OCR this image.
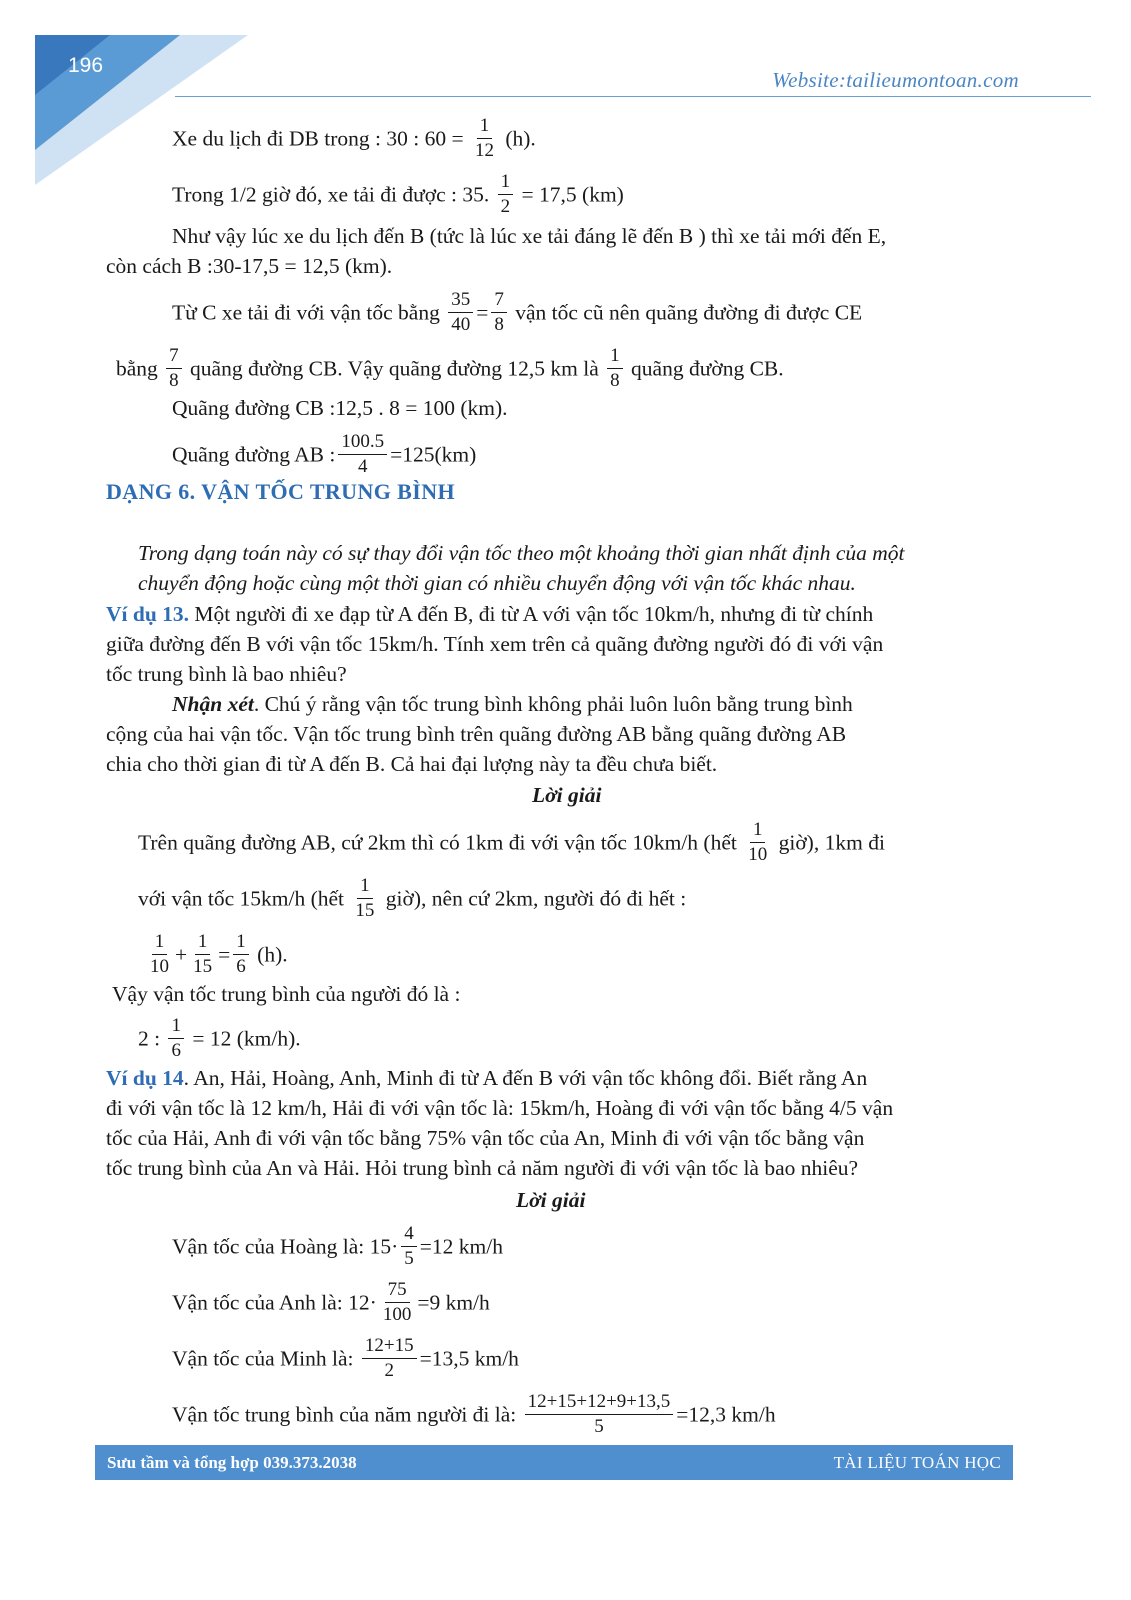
196
Website:tailieumontoan.com
Xe du lịch đi DB trong : 30 : $60 = \frac{1}{12} (h)$.
Trong 1/2 giờ đó, xe tải đi được : 35. $\frac{1}{2} = 17,5$ (km)
Như vậy lúc xe du lịch đến B (tức là lúc xe tải đáng lẽ đến B ) thì xe tải mới đến E,
còn cách B :30-17,5 = 12,5 (km).
Từ C xe tải đi với vận tốc bằng $\frac{35}{40} = \frac{7}{8}$ vận tốc cũ nên quãng đường đi được CE
bằng $\frac{7}{8}$ quãng đường CB. Vậy quãng đường 12,5 km là $\frac{1}{8}$ quãng đường CB.
Quãng đường CB :12,5 . 8 = 100 (km).
Quãng đường AB : $\frac{100.5}{4} =125(km)$
DẠNG 6. VẬN TỐC TRUNG BÌNH
Trong dạng toán này có sự thay đổi vận tốc theo một khoảng thời gian nhất định của một
chuyển động hoặc cùng một thời gian có nhiều chuyển động với vận tốc khác nhau.
Ví dụ 13. Một người đi xe đạp từ A đến B, đi từ A với vận tốc 10km/h, nhưng đi từ chính
giữa đường đến B với vận tốc 15km/h. Tính xem trên cả quãng đường người đó đi với vận
tốc trung bình là bao nhiêu?
Nhận xét. Chú ý rằng vận tốc trung bình không phải luôn luôn bằng trung bình
cộng của hai vận tốc. Vận tốc trung bình trên quãng đường AB bằng quãng đường AB
chia cho thời gian đi từ A đến B. Cả hai đại lượng này ta đều chưa biết.
Lời giải
Trên quãng đường AB, cứ 2km thì có 1km đi với vận tốc 10km/h (hết $\frac{1}{10}$ giờ), 1km đi
với vận tốc 15km/h (hết $\frac{1}{15}$ giờ), nên cứ 2km, người đó đi hết :
$\frac{1}{10} + \frac{1}{15} = \frac{1}{6} (h)$.
Vậy vận tốc trung bình của người đó là :
2 : $\frac{1}{6} = 12$ (km/h).
Ví dụ 14. An, Hải, Hoàng, Anh, Minh đi từ A đến B với vận tốc không đổi. Biết rằng An
đi với vận tốc là 12 km/h, Hải đi với vận tốc là: 15km/h, Hoàng đi với vận tốc bằng 4/5 vận
tốc của Hải, Anh đi với vận tốc bằng 75% vận tốc của An, Minh đi với vận tốc bằng vận
tốc trung bình của An và Hải. Hỏi trung bình cả năm người đi với vận tốc là bao nhiêu?
Lời giải
Vận tốc của Hoàng là: $15\cdot \frac{4}{5} =12$ km/h
Vận tốc của Anh là: $12\cdot \frac{75}{100} =9$ km/h
Vận tốc của Minh là: $\frac{12+15}{2} =13,5$ km/h
Vận tốc trung bình của năm người đi là: $\frac{12+15+12+9+13,5}{5} =12,3$ km/h
Sưu tầm và tổng hợp 039.373.2038	TÀI LIỆU TOÁN HỌC
